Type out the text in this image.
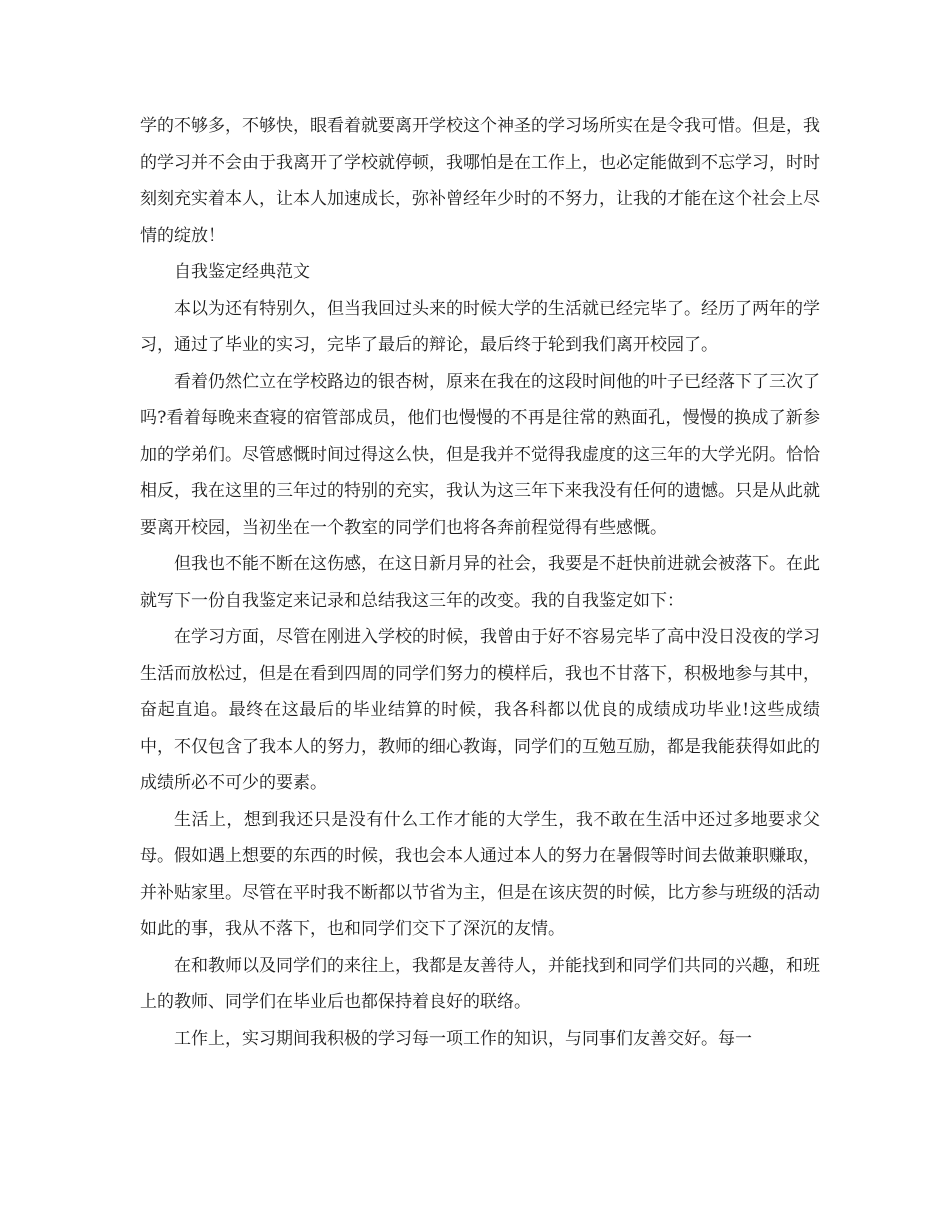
学的不够多，不够快，眼看着就要离开学校这个神圣的学习场所实在是令我可惜。但是，我的学习并不会由于我离开了学校就停顿，我哪怕是在工作上，也必定能做到不忘学习，时时刻刻充实着本人，让本人加速成长，弥补曾经年少时的不努力，让我的才能在这个社会上尽情的绽放！

自我鉴定经典范文

本以为还有特别久，但当我回过头来的时候大学的生活就已经完毕了。经历了两年的学习，通过了毕业的实习，完毕了最后的辩论，最后终于轮到我们离开校园了。

看着仍然伫立在学校路边的银杏树，原来在我在的这段时间他的叶子已经落下了三次了吗?看着每晚来查寝的宿管部成员，他们也慢慢的不再是往常的熟面孔，慢慢的换成了新参加的学弟们。尽管感慨时间过得这么快，但是我并不觉得我虚度的这三年的大学光阴。恰恰相反，我在这里的三年过的特别的充实，我认为这三年下来我没有任何的遗憾。只是从此就要离开校园，当初坐在一个教室的同学们也将各奔前程觉得有些感慨。

但我也不能不断在这伤感，在这日新月异的社会，我要是不赶快前进就会被落下。在此就写下一份自我鉴定来记录和总结我这三年的改变。我的自我鉴定如下：

在学习方面，尽管在刚进入学校的时候，我曾由于好不容易完毕了高中没日没夜的学习生活而放松过，但是在看到四周的同学们努力的模样后，我也不甘落下，积极地参与其中，奋起直追。最终在这最后的毕业结算的时候，我各科都以优良的成绩成功毕业!这些成绩中，不仅包含了我本人的努力，教师的细心教诲，同学们的互勉互励，都是我能获得如此的成绩所必不可少的要素。

生活上，想到我还只是没有什么工作才能的大学生，我不敢在生活中还过多地要求父母。假如遇上想要的东西的时候，我也会本人通过本人的努力在暑假等时间去做兼职赚取，并补贴家里。尽管在平时我不断都以节省为主，但是在该庆贺的时候，比方参与班级的活动如此的事，我从不落下，也和同学们交下了深沉的友情。

在和教师以及同学们的来往上，我都是友善待人，并能找到和同学们共同的兴趣，和班上的教师、同学们在毕业后也都保持着良好的联络。

工作上，实习期间我积极的学习每一项工作的知识，与同事们友善交好。每一
